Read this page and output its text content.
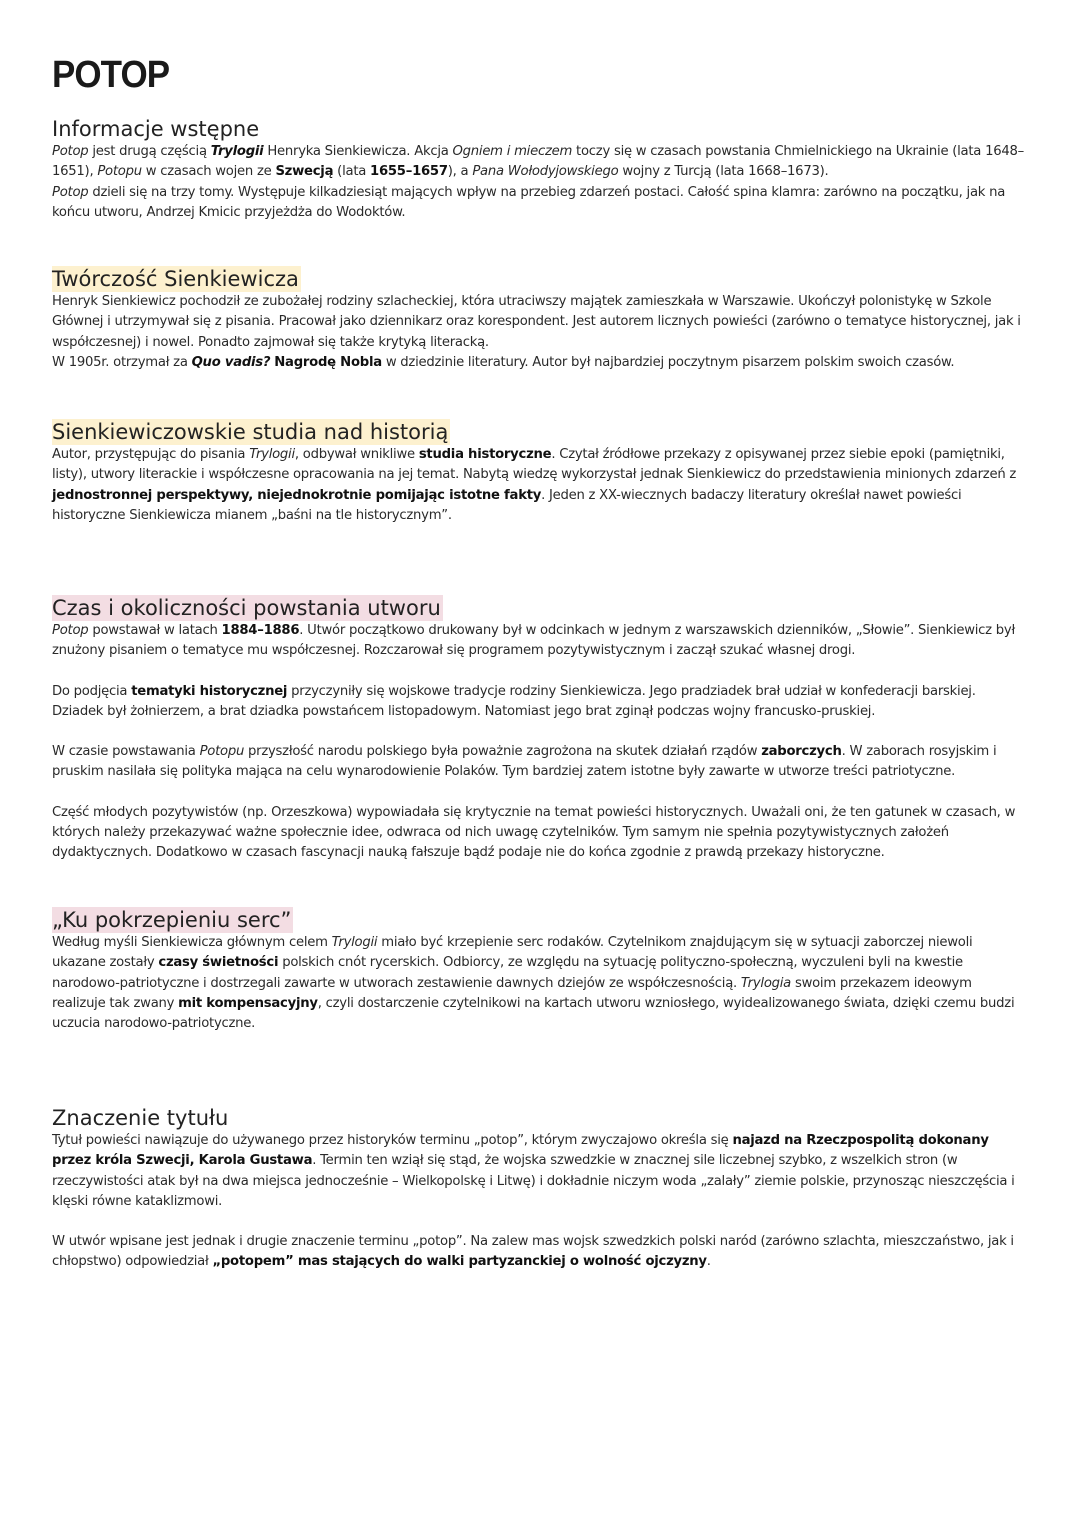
POTOP
Informacje wstępne

Potop jest drugą częścią Trylogii Henryka Sienkiewicza. Akcja Ogniem i mieczem toczy się w czasach powstania Chmielnickiego na Ukrainie (lata 1648–1651), Potopu w czasach wojen ze Szwecją (lata 1655–1657), a Pana Wołodyjowskiego wojny z Turcją (lata 1668–1673).

Potop dzieli się na trzy tomy. Występuje kilkadziesiąt mających wpływ na przebieg zdarzeń postaci. Całość spina klamra: zarówno na początku, jak na końcu utworu, Andrzej Kmicic przyjeżdża do Wodoktów.

Twórczość Sienkiewicza

Henryk Sienkiewicz pochodził ze zubożałej rodziny szlacheckiej, która utraciwszy majątek zamieszkała w Warszawie. Ukończył polonistykę w Szkole Głównej i utrzymywał się z pisania. Pracował jako dziennikarz oraz korespondent. Jest autorem licznych powieści (zarówno o tematyce historycznej, jak i współczesnej) i nowel. Ponadto zajmował się także krytyką literacką.

W 1905r. otrzymał za Quo vadis? Nagrodę Nobla w dziedzinie literatury. Autor był najbardziej poczytnym pisarzem polskim swoich czasów.

Sienkiewiczowskie studia nad historią

Autor, przystępując do pisania Trylogii, odbywał wnikliwe studia historyczne. Czytał źródłowe przekazy z opisywanej przez siebie epoki (pamiętniki, listy), utwory literackie i współczesne opracowania na jej temat. Nabytą wiedzę wykorzystał jednak Sienkiewicz do przedstawienia minionych zdarzeń z jednostronnej perspektywy, niejednokrotnie pomijając istotne fakty. Jeden z XX-wiecznych badaczy literatury określał nawet powieści historyczne Sienkiewicza mianem „baśni na tle historycznym”.

Czas i okoliczności powstania utworu

Potop powstawał w latach 1884–1886. Utwór początkowo drukowany był w odcinkach w jednym z warszawskich dzienników, „Słowie”. Sienkiewicz był znużony pisaniem o tematyce mu współczesnej. Rozczarował się programem pozytywistycznym i zaczął szukać własnej drogi.

Do podjęcia tematyki historycznej przyczyniły się wojskowe tradycje rodziny Sienkiewicza. Jego pradziadek brał udział w konfederacji barskiej. Dziadek był żołnierzem, a brat dziadka powstańcem listopadowym. Natomiast jego brat zginął podczas wojny francusko-pruskiej.

W czasie powstawania Potopu przyszłość narodu polskiego była poważnie zagrożona na skutek działań rządów zaborczych. W zaborach rosyjskim i pruskim nasilała się polityka mająca na celu wynarodowienie Polaków. Tym bardziej zatem istotne były zawarte w utworze treści patriotyczne.

Część młodych pozytywistów (np. Orzeszkowa) wypowiadała się krytycznie na temat powieści historycznych. Uważali oni, że ten gatunek w czasach, w których należy przekazywać ważne społecznie idee, odwraca od nich uwagę czytelników. Tym samym nie spełnia pozytywistycznych założeń dydaktycznych. Dodatkowo w czasach fascynacji nauką fałszuje bądź podaje nie do końca zgodnie z prawdą przekazy historyczne.

„Ku pokrzepieniu serc”

Według myśli Sienkiewicza głównym celem Trylogii miało być krzepienie serc rodaków. Czytelnikom znajdującym się w sytuacji zaborczej niewoli ukazane zostały czasy świetności polskich cnót rycerskich. Odbiorcy, ze względu na sytuację polityczno-społeczną, wyczuleni byli na kwestie narodowo-patriotyczne i dostrzegali zawarte w utworach zestawienie dawnych dziejów ze współczesnością. Trylogia swoim przekazem ideowym realizuje tak zwany mit kompensacyjny, czyli dostarczenie czytelnikowi na kartach utworu wzniosłego, wyidealizowanego świata, dzięki czemu budzi uczucia narodowo-patriotyczne.

Znaczenie tytułu

Tytuł powieści nawiązuje do używanego przez historyków terminu „potop”, którym zwyczajowo określa się najazd na Rzeczpospolitą dokonany przez króla Szwecji, Karola Gustawa. Termin ten wziął się stąd, że wojska szwedzkie w znacznej sile liczebnej szybko, z wszelkich stron (w rzeczywistości atak był na dwa miejsca jednocześnie – Wielkopolskę i Litwę) i dokładnie niczym woda „zalały” ziemie polskie, przynosząc nieszczęścia i klęski równe kataklizmowi.

W utwór wpisane jest jednak i drugie znaczenie terminu „potop”. Na zalew mas wojsk szwedzkich polski naród (zarówno szlachta, mieszczaństwo, jak i chłopstwo) odpowiedział „potopem” mas stających do walki partyzanckiej o wolność ojczyzny.
